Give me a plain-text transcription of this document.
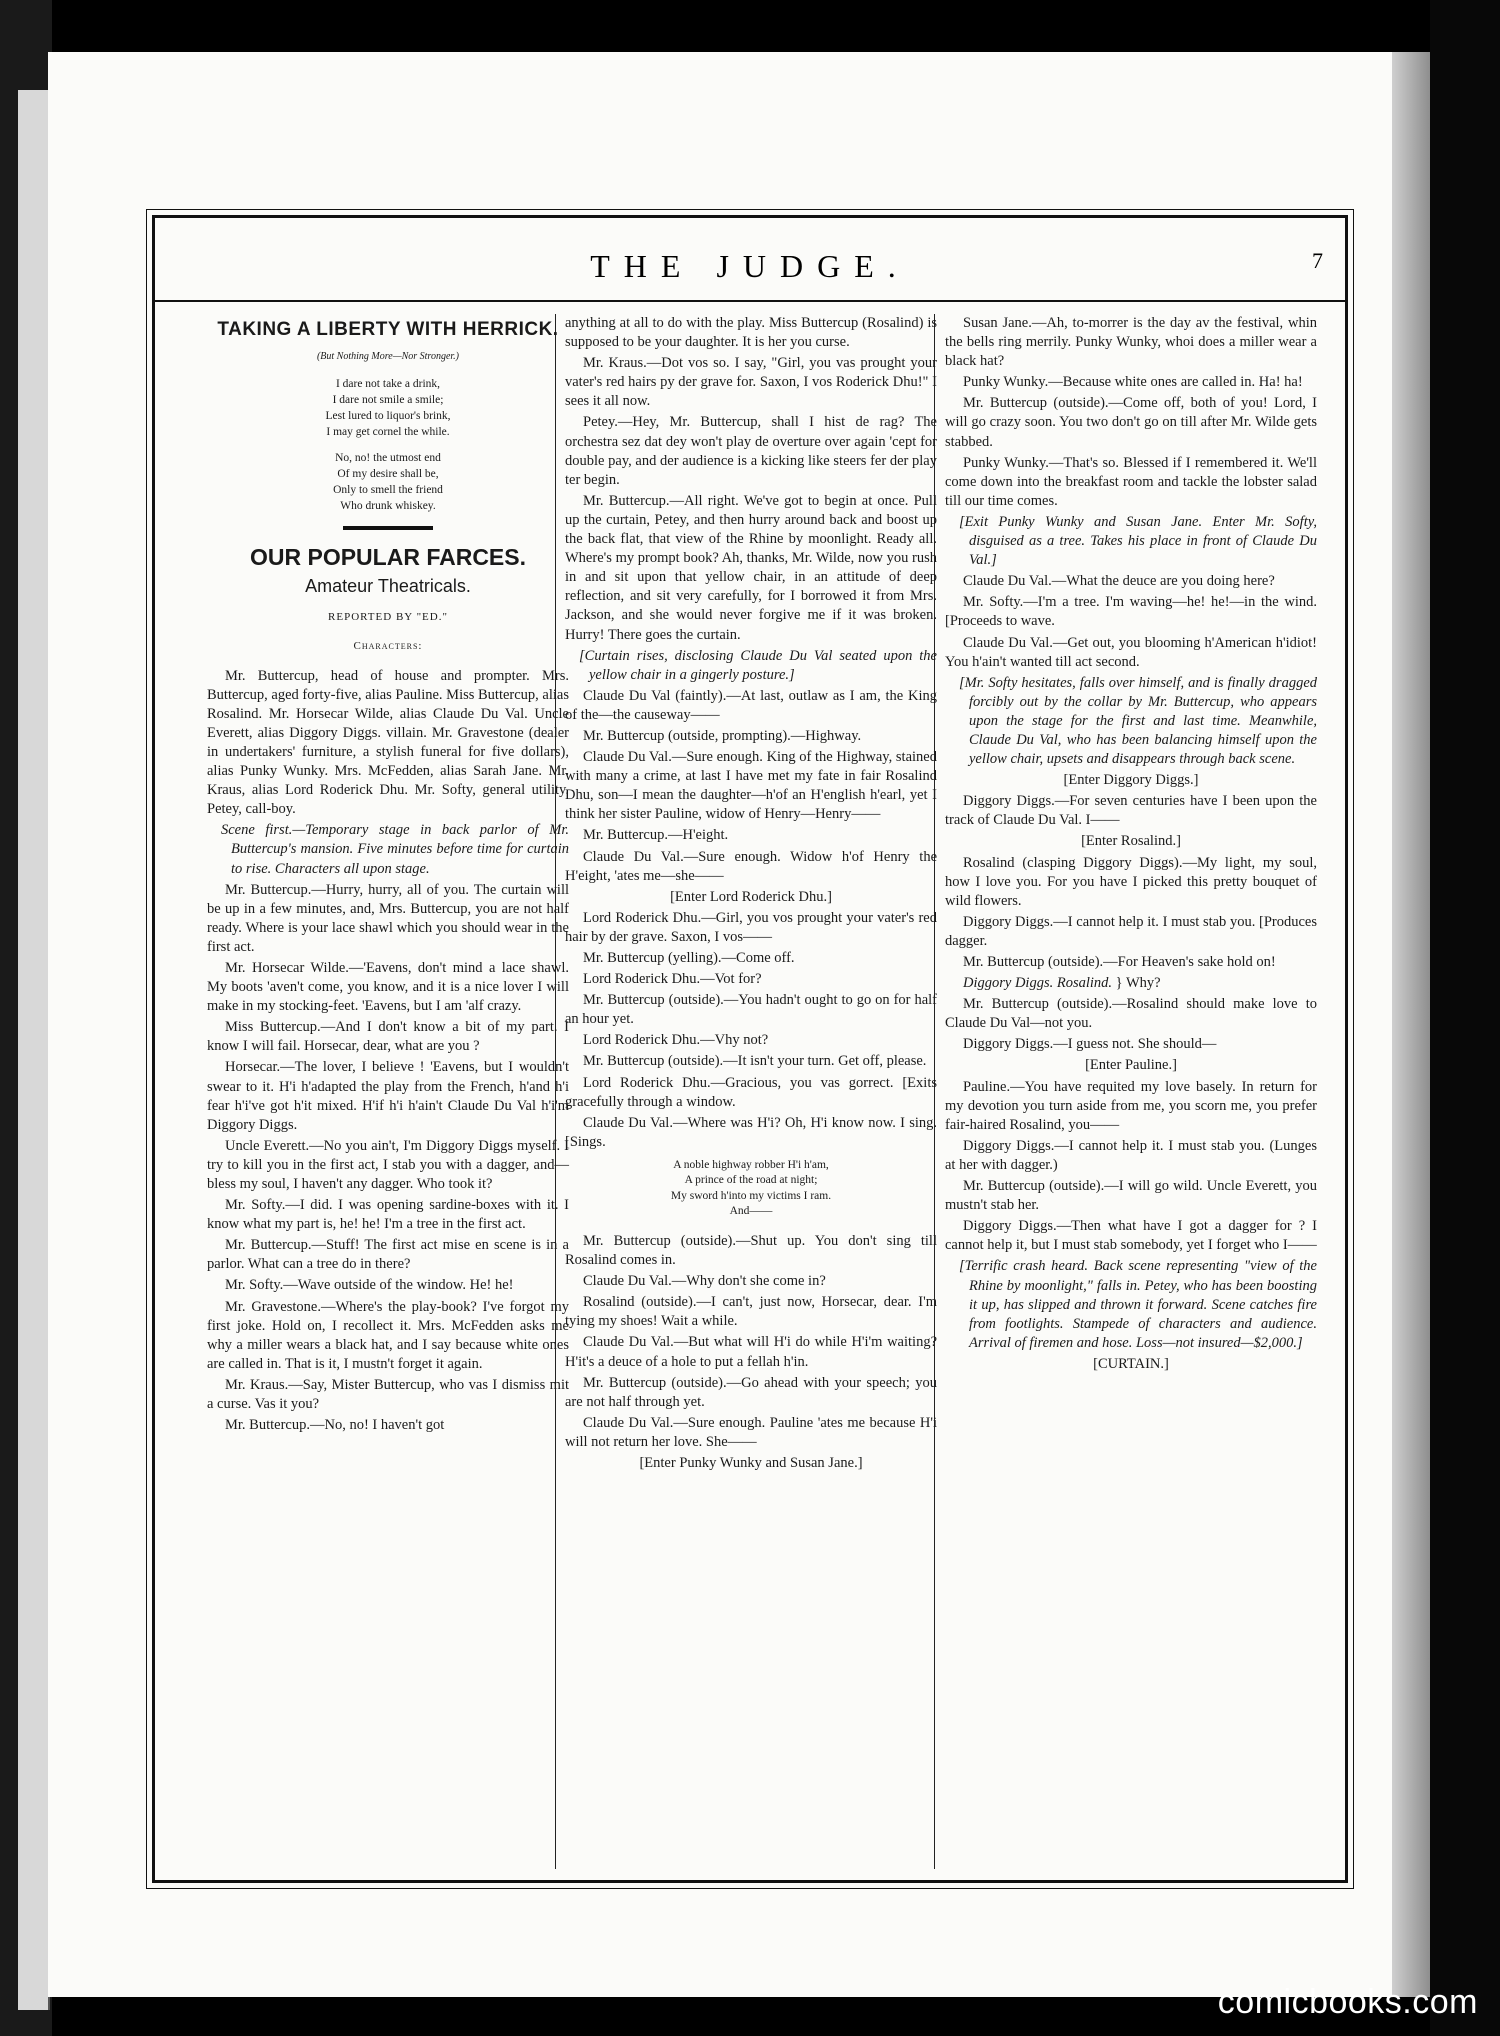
THE JUDGE.	7
TAKING A LIBERTY WITH HERRICK.
(But Nothing More—Nor Stronger.)
I dare not take a drink,
I dare not smile a smile;
Lest lured to liquor's brink,
I may get cornel the while.
No, no! the utmost end
Of my desire shall be,
Only to smell the friend
Who drunk whiskey.
OUR POPULAR FARCES.
Amateur Theatricals.
REPORTED BY "ED."
Characters:

Mr. Buttercup, head of house and prompter. Mrs. Buttercup, aged forty-five, alias Pauline. Miss Buttercup, alias Rosalind. Mr. Horsecar Wilde, alias Claude Du Val. Uncle Everett, alias Diggory Diggs. villain. Mr. Gravestone (dealer in undertakers' furniture, a stylish funeral for five dollars), alias Punky Wunky. Mrs. McFedden, alias Sarah Jane. Mr. Kraus, alias Lord Roderick Dhu. Mr. Softy, general utility. Petey, call-boy.

Scene first.—Temporary stage in back parlor of Mr. Buttercup's mansion. Five minutes before time for curtain to rise. Characters all upon stage.

Mr. Buttercup.—Hurry, hurry, all of you. The curtain will be up in a few minutes, and, Mrs. Buttercup, you are not half ready. Where is your lace shawl which you should wear in the first act.

Mr. Horsecar Wilde.—'Eavens, don't mind a lace shawl. My boots 'aven't come, you know, and it is a nice lover I will make in my stocking-feet. 'Eavens, but I am 'alf crazy.

Miss Buttercup.—And I don't know a bit of my part. I know I will fail. Horsecar, dear, what are you ?

Horsecar.—The lover, I believe ! 'Eavens, but I wouldn't swear to it. H'i h'adapted the play from the French, h'and h'i fear h'i've got h'it mixed. H'if h'i h'ain't Claude Du Val h'i'm Diggory Diggs.

Uncle Everett.—No you ain't, I'm Diggory Diggs myself. I try to kill you in the first act, I stab you with a dagger, and—bless my soul, I haven't any dagger. Who took it?

Mr. Softy.—I did. I was opening sardine-boxes with it. I know what my part is, he! he! I'm a tree in the first act.

Mr. Buttercup.—Stuff! The first act mise en scene is in a parlor. What can a tree do in there?

Mr. Softy.—Wave outside of the window. He! he!

Mr. Gravestone.—Where's the play-book? I've forgot my first joke. Hold on, I recollect it. Mrs. McFedden asks me why a miller wears a black hat, and I say because white ones are called in. That is it, I mustn't forget it again.

Mr. Kraus.—Say, Mister Buttercup, who vas I dismiss mit a curse. Vas it you?

Mr. Buttercup.—No, no! I haven't got

anything at all to do with the play. Miss Buttercup (Rosalind) is supposed to be your daughter. It is her you curse.

Mr. Kraus.—Dot vos so. I say, "Girl, you vas prought your vater's red hairs py der grave for. Saxon, I vos Roderick Dhu!" I sees it all now.

Petey.—Hey, Mr. Buttercup, shall I hist de rag? The orchestra sez dat dey won't play de overture over again 'cept for double pay, and der audience is a kicking like steers fer der play ter begin.

Mr. Buttercup.—All right. We've got to begin at once. Pull up the curtain, Petey, and then hurry around back and boost up the back flat, that view of the Rhine by moonlight. Ready all. Where's my prompt book? Ah, thanks, Mr. Wilde, now you rush in and sit upon that yellow chair, in an attitude of deep reflection, and sit very carefully, for I borrowed it from Mrs. Jackson, and she would never forgive me if it was broken. Hurry! There goes the curtain.

[Curtain rises, disclosing Claude Du Val seated upon the yellow chair in a gingerly posture.]

Claude Du Val (faintly).—At last, outlaw as I am, the King of the—the causeway——

Mr. Buttercup (outside, prompting).—Highway.

Claude Du Val.—Sure enough. King of the Highway, stained with many a crime, at last I have met my fate in fair Rosalind Dhu, son—I mean the daughter—h'of an H'english h'earl, yet I think her sister Pauline, widow of Henry—Henry——

Mr. Buttercup.—H'eight.

Claude Du Val.—Sure enough. Widow h'of Henry the H'eight, 'ates me—she——

[Enter Lord Roderick Dhu.]

Lord Roderick Dhu.—Girl, you vos prought your vater's red hair by der grave. Saxon, I vos——

Mr. Buttercup (yelling).—Come off.

Lord Roderick Dhu.—Vot for?

Mr. Buttercup (outside).—You hadn't ought to go on for half an hour yet.

Lord Roderick Dhu.—Vhy not?

Mr. Buttercup (outside).—It isn't your turn. Get off, please.

Lord Roderick Dhu.—Gracious, you vas gorrect. [Exits gracefully through a window.

Claude Du Val.—Where was H'i? Oh, H'i know now. I sing. [Sings.

A noble highway robber H'i h'am,
A prince of the road at night;
My sword h'into my victims I ram.
And——

Mr. Buttercup (outside).—Shut up. You don't sing till Rosalind comes in.

Claude Du Val.—Why don't she come in?

Rosalind (outside).—I can't, just now, Horsecar, dear. I'm tying my shoes! Wait a while.

Claude Du Val.—But what will H'i do while H'i'm waiting? H'it's a deuce of a hole to put a fellah h'in.

Mr. Buttercup (outside).—Go ahead with your speech; you are not half through yet.

Claude Du Val.—Sure enough. Pauline 'ates me because H'i will not return her love. She——

[Enter Punky Wunky and Susan Jane.]

Susan Jane.—Ah, to-morrer is the day av the festival, whin the bells ring merrily. Punky Wunky, whoi does a miller wear a black hat?

Punky Wunky.—Because white ones are called in. Ha! ha!

Mr. Buttercup (outside).—Come off, both of you! Lord, I will go crazy soon. You two don't go on till after Mr. Wilde gets stabbed.

Punky Wunky.—That's so. Blessed if I remembered it. We'll come down into the breakfast room and tackle the lobster salad till our time comes.

[Exit Punky Wunky and Susan Jane. Enter Mr. Softy, disguised as a tree. Takes his place in front of Claude Du Val.]

Claude Du Val.—What the deuce are you doing here?

Mr. Softy.—I'm a tree. I'm waving—he! he!—in the wind. [Proceeds to wave.

Claude Du Val.—Get out, you blooming h'American h'idiot! You h'ain't wanted till act second.

[Mr. Softy hesitates, falls over himself, and is finally dragged forcibly out by the collar by Mr. Buttercup, who appears upon the stage for the first and last time. Meanwhile, Claude Du Val, who has been balancing himself upon the yellow chair, upsets and disappears through back scene.

[Enter Diggory Diggs.]

Diggory Diggs.—For seven centuries have I been upon the track of Claude Du Val. I——

[Enter Rosalind.]

Rosalind (clasping Diggory Diggs).—My light, my soul, how I love you. For you have I picked this pretty bouquet of wild flowers.

Diggory Diggs.—I cannot help it. I must stab you. [Produces dagger.

Mr. Buttercup (outside).—For Heaven's sake hold on!

Diggory Diggs. Rosalind. } Why?

Mr. Buttercup (outside).—Rosalind should make love to Claude Du Val—not you.

Diggory Diggs.—I guess not. She should—

[Enter Pauline.]

Pauline.—You have requited my love basely. In return for my devotion you turn aside from me, you scorn me, you prefer fair-haired Rosalind, you——

Diggory Diggs.—I cannot help it. I must stab you. (Lunges at her with dagger.)

Mr. Buttercup (outside).—I will go wild. Uncle Everett, you mustn't stab her.

Diggory Diggs.—Then what have I got a dagger for ? I cannot help it, but I must stab somebody, yet I forget who I——

[Terrific crash heard. Back scene representing "view of the Rhine by moonlight," falls in. Petey, who has been boosting it up, has slipped and thrown it forward. Scene catches fire from footlights. Stampede of characters and audience. Arrival of firemen and hose. Loss—not insured—$2,000.]

[CURTAIN.]

comicbooks.com
